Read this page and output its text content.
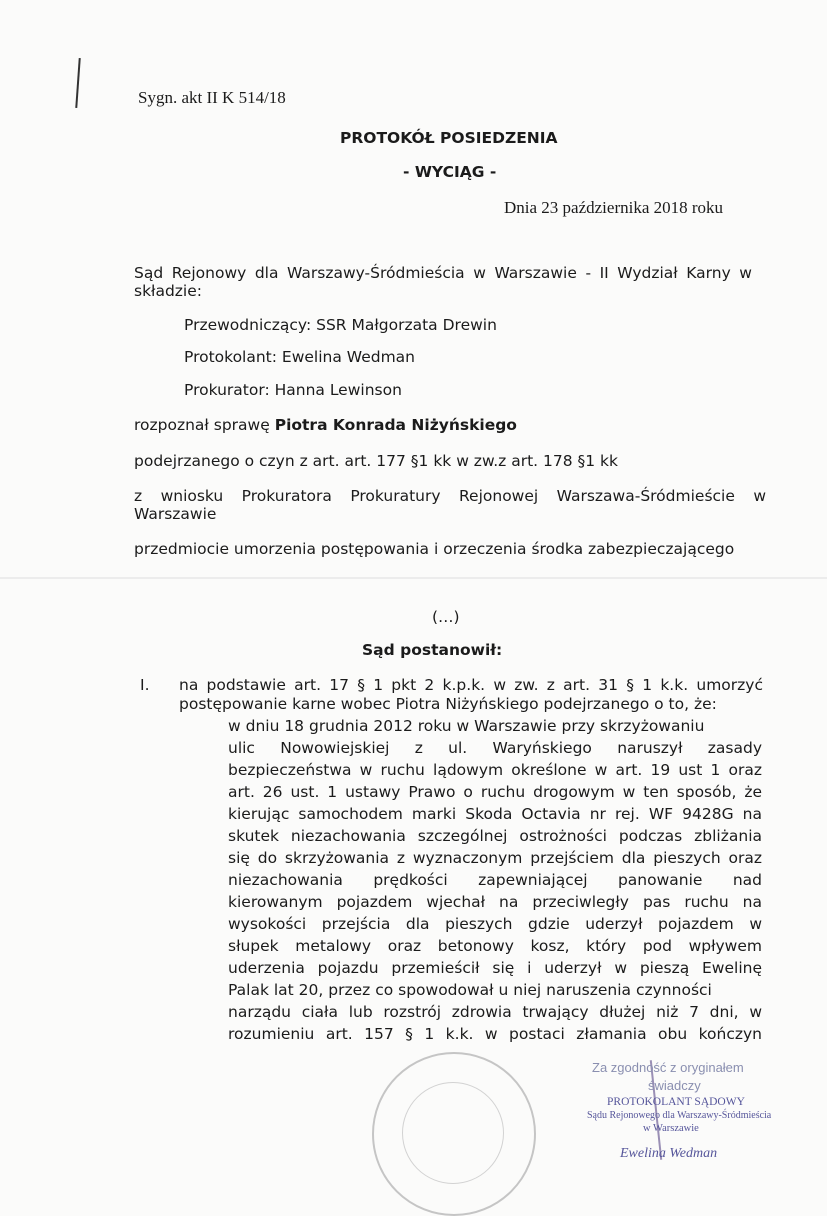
Sygn. akt II K 514/18
PROTOKÓŁ POSIEDZENIA
- WYCIĄG -
Dnia 23 października 2018 roku
Sąd Rejonowy dla Warszawy-Śródmieścia w Warszawie - II Wydział Karny w
składzie:
Przewodniczący: SSR Małgorzata Drewin
Protokolant: Ewelina Wedman
Prokurator: Hanna Lewinson
rozpoznał sprawę Piotra Konrada Niżyńskiego
podejrzanego o czyn z art. art. 177 §1 kk w zw.z art. 178 §1 kk
z wniosku Prokuratora Prokuratury Rejonowej Warszawa-Śródmieście w
Warszawie
przedmiocie umorzenia postępowania i orzeczenia środka zabezpieczającego
(…)
Sąd postanowił:
I. na podstawie art. 17 § 1 pkt 2 k.p.k. w zw. z art. 31 § 1 k.k. umorzyć
postępowanie karne wobec Piotra Niżyńskiego podejrzanego o to, że:
w dniu 18 grudnia 2012 roku w Warszawie przy skrzyżowaniu
ulic Nowowiejskiej z ul. Waryńskiego naruszył zasady
bezpieczeństwa w ruchu lądowym określone w art. 19 ust 1 oraz
art. 26 ust. 1 ustawy Prawo o ruchu drogowym w ten sposób, że
kierując samochodem marki Skoda Octavia nr rej. WF 9428G na
skutek niezachowania szczególnej ostrożności podczas zbliżania
się do skrzyżowania z wyznaczonym przejściem dla pieszych oraz
niezachowania prędkości zapewniającej panowanie nad
kierowanym pojazdem wjechał na przeciwległy pas ruchu na
wysokości przejścia dla pieszych gdzie uderzył pojazdem w
słupek metalowy oraz betonowy kosz, który pod wpływem
uderzenia pojazdu przemieścił się i uderzył w pieszą Ewelinę
Palak lat 20, przez co spowodował u niej naruszenia czynności
narządu ciała lub rozstrój zdrowia trwający dłużej niż 7 dni, w
rozumieniu art. 157 § 1 k.k. w postaci złamania obu kończyn
Za zgodność z oryginałem
świadczy
PROTOKOLANT SĄDOWY
Sądu Rejonowego dla Warszawy-Śródmieścia
w Warszawie
Ewelina Wedman
